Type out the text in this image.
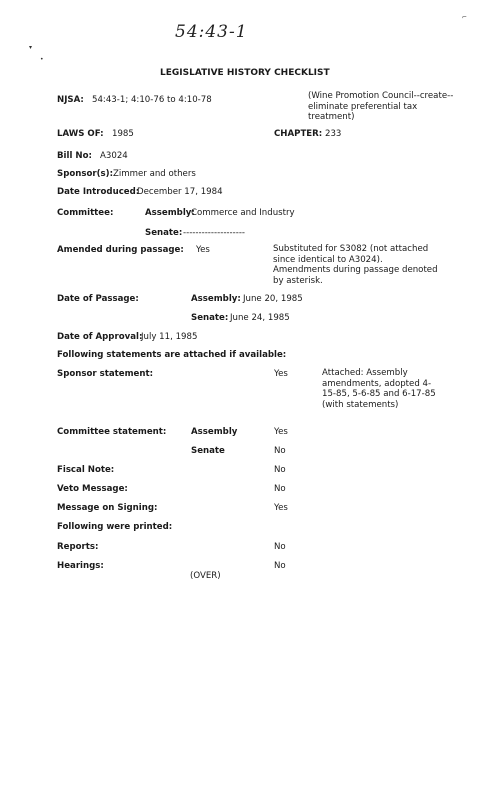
54:43-1
▾
•
⌐
LEGISLATIVE HISTORY CHECKLIST
NJSA: 54:43-1; 4:10-76 to 4:10-78	(Wine Promotion Council--create--eliminate preferential tax treatment)
LAWS OF: 1985	CHAPTER: 233
Bill No: A3024
Sponsor(s): Zimmer and others
Date Introduced:
December 17, 1984
Committee:	Assembly:
Commerce and Industry
Senate: --------------------
Amended during passage: Yes	Substituted for S3082 (not attached since identical to A3024). Amendments during passage denoted by asterisk.
Date of Passage:	Assembly: June 20, 1985
Senate: June 24, 1985
Date of Approval:
July 11, 1985
Following statements are attached if available:
Sponsor statement:	Yes	Attached: Assembly amendments, adopted 4-15-85, 5-6-85 and 6-17-85 (with statements)
Committee statement:	Assembly	Yes
Senate	No
Fiscal Note:	No
Veto Message:	No
Message on Signing:	Yes
Following were printed:
Reports:	No
Hearings:	No
(OVER)
